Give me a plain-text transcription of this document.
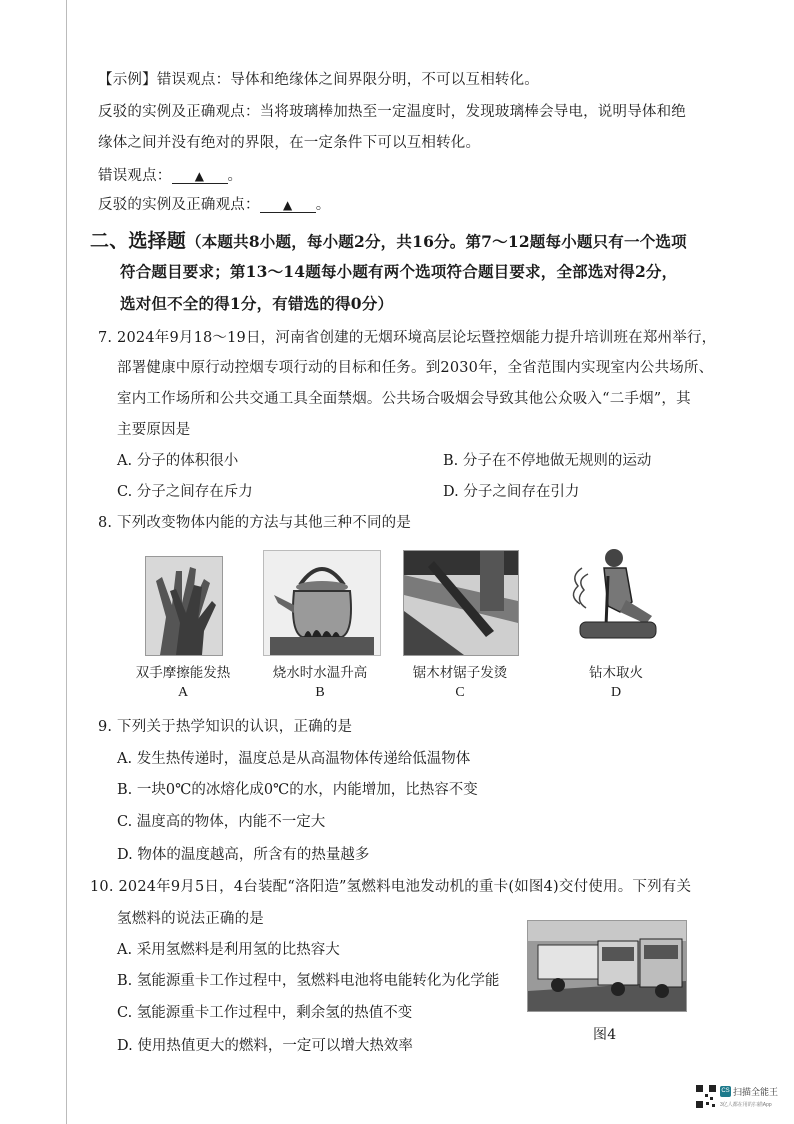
【示例】错误观点：导体和绝缘体之间界限分明，不可以互相转化。
反驳的实例及正确观点：当将玻璃棒加热至一定温度时，发现玻璃棒会导电，说明导体和绝
缘体之间并没有绝对的界限，在一定条件下可以互相转化。
错误观点： ▲ 。
反驳的实例及正确观点： ▲ 。
二、选择题（本题共8小题，每小题2分，共16分。第7～12题每小题只有一个选项
符合题目要求；第13～14题每小题有两个选项符合题目要求，全部选对得2分，
选对但不全的得1分，有错选的得0分）
7. 2024年9月18～19日，河南省创建的无烟环境高层论坛暨控烟能力提升培训班在郑州举行，
部署健康中原行动控烟专项行动的目标和任务。到2030年，全省范围内实现室内公共场所、
室内工作场所和公共交通工具全面禁烟。公共场合吸烟会导致其他公众吸入“二手烟”，其
主要原因是
A. 分子的体积很小	B. 分子在不停地做无规则的运动
C. 分子之间存在斥力	D. 分子之间存在引力
8. 下列改变物体内能的方法与其他三种不同的是
双手摩擦能发热	烧水时水温升高	锯木材锯子发烫	钻木取火
A	B	C	D
9. 下列关于热学知识的认识，正确的是
A. 发生热传递时，温度总是从高温物体传递给低温物体
B. 一块0℃的冰熔化成0℃的水，内能增加，比热容不变
C. 温度高的物体，内能不一定大
D. 物体的温度越高，所含有的热量越多
10. 2024年9月5日，4台装配“洛阳造”氢燃料电池发动机的重卡(如图4)交付使用。下列有关
氢燃料的说法正确的是
A. 采用氢燃料是利用氢的比热容大
B. 氢能源重卡工作过程中，氢燃料电池将电能转化为化学能
C. 氢能源重卡工作过程中，剩余氢的热值不变
D. 使用热值更大的燃料，一定可以增大热效率
图4
CS 扫描全能王
3亿人都在用的扫描App
